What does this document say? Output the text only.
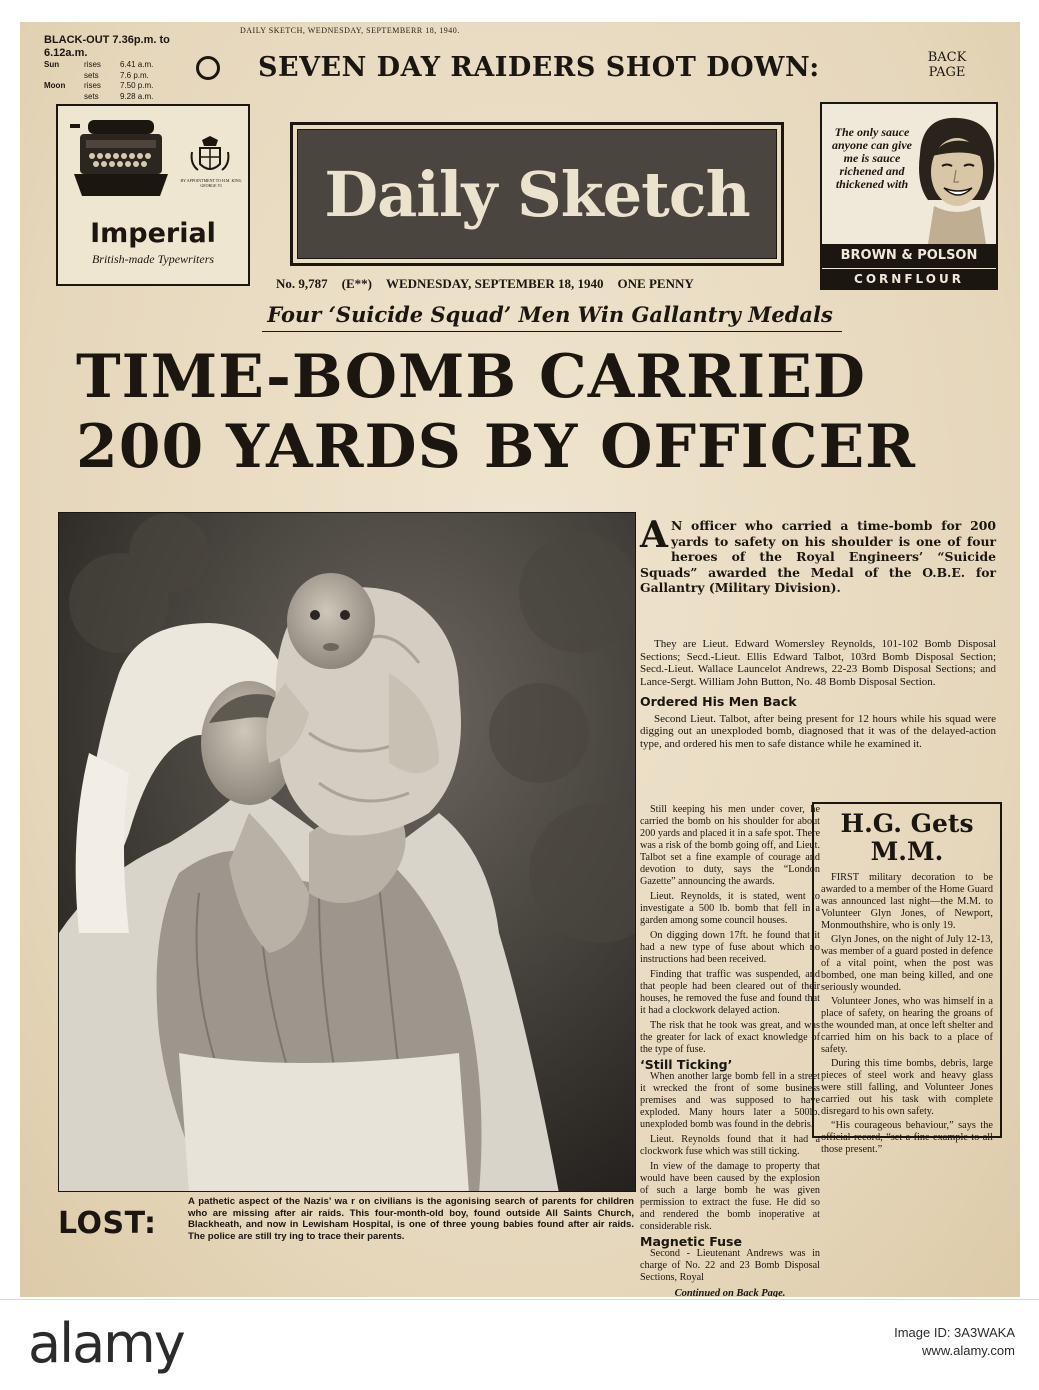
DAILY SKETCH, WEDNESDAY, SEPTEMBERR 18, 1940.
BLACK-OUT 7.36p.m. to 6.12a.m.
Sun	rises	6.41 a.m.
sets	7.6 p.m.
Moon	rises	7.50 p.m.
sets	9.28 a.m.
SEVEN DAY RAIDERS SHOT DOWN:	BACK PAGE
BY APPOINTMENT TO H.M. KING GEORGE VI
Imperial
British-made Typewriters
Daily Sketch
The only sauce anyone can give me is sauce richened and thickened with
BROWN & POLSON
CORNFLOUR
No. 9,787 (E**) WEDNESDAY, SEPTEMBER 18, 1940 ONE PENNY
Four ‘Suicide Squad’ Men Win Gallantry Medals
TIME-BOMB CARRIED
200 YARDS BY OFFICER
A N officer who carried a time-bomb for 200 yards to safety on his shoulder is one of four heroes of the Royal Engineers’ “Suicide Squads” awarded the Medal of the O.B.E. for Gallantry (Military Division).

They are Lieut. Edward Womersley Reynolds, 101-102 Bomb Disposal Sections; Secd.-Lieut. Ellis Edward Talbot, 103rd Bomb Disposal Section; Secd.-Lieut. Wallace Launcelot Andrews, 22-23 Bomb Disposal Sections; and Lance-Sergt. William John Button, No. 48 Bomb Disposal Section.

Ordered His Men Back

Second Lieut. Talbot, after being present for 12 hours while his squad were digging out an unexploded bomb, diagnosed that it was of the delayed-action type, and ordered his men to safe distance while he examined it.

Still keeping his men under cover, he carried the bomb on his shoulder for about 200 yards and placed it in a safe spot. There was a risk of the bomb going off, and Lieut. Talbot set a fine example of courage and devotion to duty, says the “London Gazette” announcing the awards.

Lieut. Reynolds, it is stated, went to investigate a 500 lb. bomb that fell in a garden among some council houses.

On digging down 17ft. he found that it had a new type of fuse about which no instructions had been received.

Finding that traffic was suspended, and that people had been cleared out of their houses, he removed the fuse and found that it had a clockwork delayed action.

The risk that he took was great, and was the greater for lack of exact knowledge of the type of fuse.

‘Still Ticking’

When another large bomb fell in a street it wrecked the front of some business premises and was supposed to have exploded. Many hours later a 500lb. unexploded bomb was found in the debris.

Lieut. Reynolds found that it had a clockwork fuse which was still ticking.

In view of the damage to property that would have been caused by the explosion of such a large bomb he was given permission to extract the fuse. He did so and rendered the bomb inoperative at considerable risk.

Magnetic Fuse

Second - Lieutenant Andrews was in charge of No. 22 and 23 Bomb Disposal Sections, Royal

Continued on Back Page.
H.G. Gets M.M.

FIRST military decoration to be awarded to a member of the Home Guard was announced last night—the M.M. to Volunteer Glyn Jones, of Newport, Monmouthshire, who is only 19.

Glyn Jones, on the night of July 12-13, was member of a guard posted in defence of a vital point, when the post was bombed, one man being killed, and one seriously wounded.

Volunteer Jones, who was himself in a place of safety, on hearing the groans of the wounded man, at once left shelter and carried him on his back to a place of safety.

During this time bombs, debris, large pieces of steel work and heavy glass were still falling, and Volunteer Jones carried out his task with complete disregard to his own safety.

“His courageous behaviour,” says the official record, “set a fine example to all those present.”

LOST:
A pathetic aspect of the Nazis’ wa r on civilians is the agonising search of parents for children who are missing after air raids. This four-month-old boy, found outside All Saints Church, Blackheath, and now in Lewisham Hospital, is one of three young babies found after air raids. The police are still try ing to trace their parents.
alamy	Image ID: 3A3WAKA
www.alamy.com
